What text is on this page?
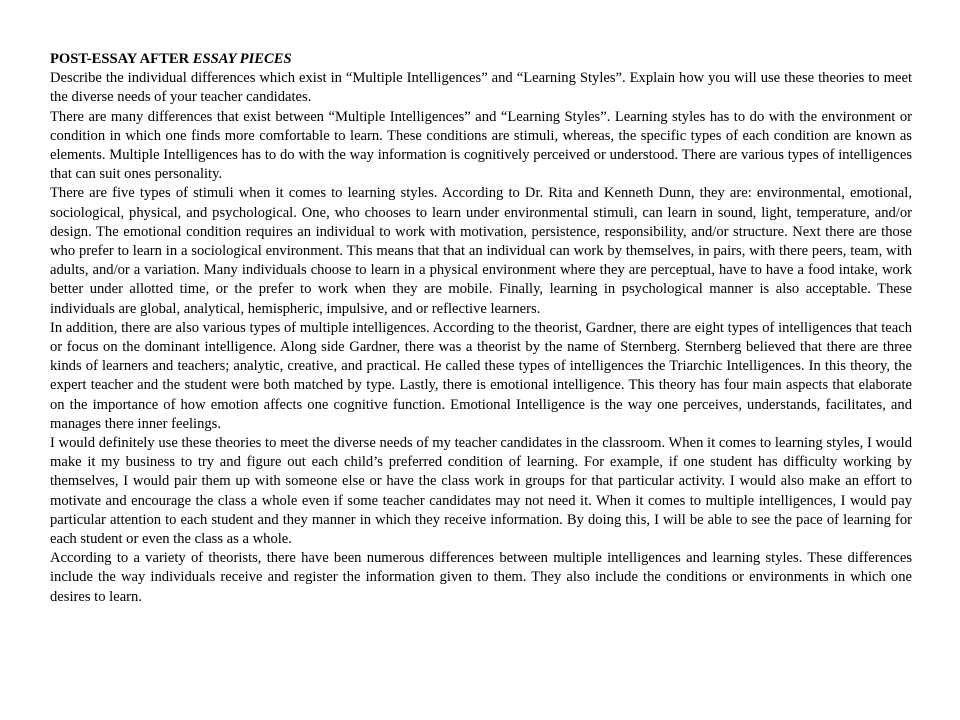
POST-ESSAY AFTER ESSAY PIECES

Describe the individual differences which exist in “Multiple Intelligences” and “Learning Styles”. Explain how you will use these theories to meet the diverse needs of your teacher candidates.

There are many differences that exist between “Multiple Intelligences” and “Learning Styles”. Learning styles has to do with the environment or condition in which one finds more comfortable to learn. These conditions are stimuli, whereas, the specific types of each condition are known as elements. Multiple Intelligences has to do with the way information is cognitively perceived or understood. There are various types of intelligences that can suit ones personality.

There are five types of stimuli when it comes to learning styles. According to Dr. Rita and Kenneth Dunn, they are: environmental, emotional, sociological, physical, and psychological. One, who chooses to learn under environmental stimuli, can learn in sound, light, temperature, and/or design. The emotional condition requires an individual to work with motivation, persistence, responsibility, and/or structure. Next there are those who prefer to learn in a sociological environment. This means that that an individual can work by themselves, in pairs, with there peers, team, with adults, and/or a variation. Many individuals choose to learn in a physical environment where they are perceptual, have to have a food intake, work better under allotted time, or the prefer to work when they are mobile. Finally, learning in psychological manner is also acceptable. These individuals are global, analytical, hemispheric, impulsive, and or reflective learners.

In addition, there are also various types of multiple intelligences. According to the theorist, Gardner, there are eight types of intelligences that teach or focus on the dominant intelligence. Along side Gardner, there was a theorist by the name of Sternberg. Sternberg believed that there are three kinds of learners and teachers; analytic, creative, and practical. He called these types of intelligences the Triarchic Intelligences. In this theory, the expert teacher and the student were both matched by type. Lastly, there is emotional intelligence. This theory has four main aspects that elaborate on the importance of how emotion affects one cognitive function. Emotional Intelligence is the way one perceives, understands, facilitates, and manages there inner feelings.

I would definitely use these theories to meet the diverse needs of my teacher candidates in the classroom. When it comes to learning styles, I would make it my business to try and figure out each child’s preferred condition of learning. For example, if one student has difficulty working by themselves, I would pair them up with someone else or have the class work in groups for that particular activity. I would also make an effort to motivate and encourage the class a whole even if some teacher candidates may not need it. When it comes to multiple intelligences, I would pay particular attention to each student and they manner in which they receive information. By doing this, I will be able to see the pace of learning for each student or even the class as a whole.

According to a variety of theorists, there have been numerous differences between multiple intelligences and learning styles. These differences include the way individuals receive and register the information given to them. They also include the conditions or environments in which one desires to learn.
